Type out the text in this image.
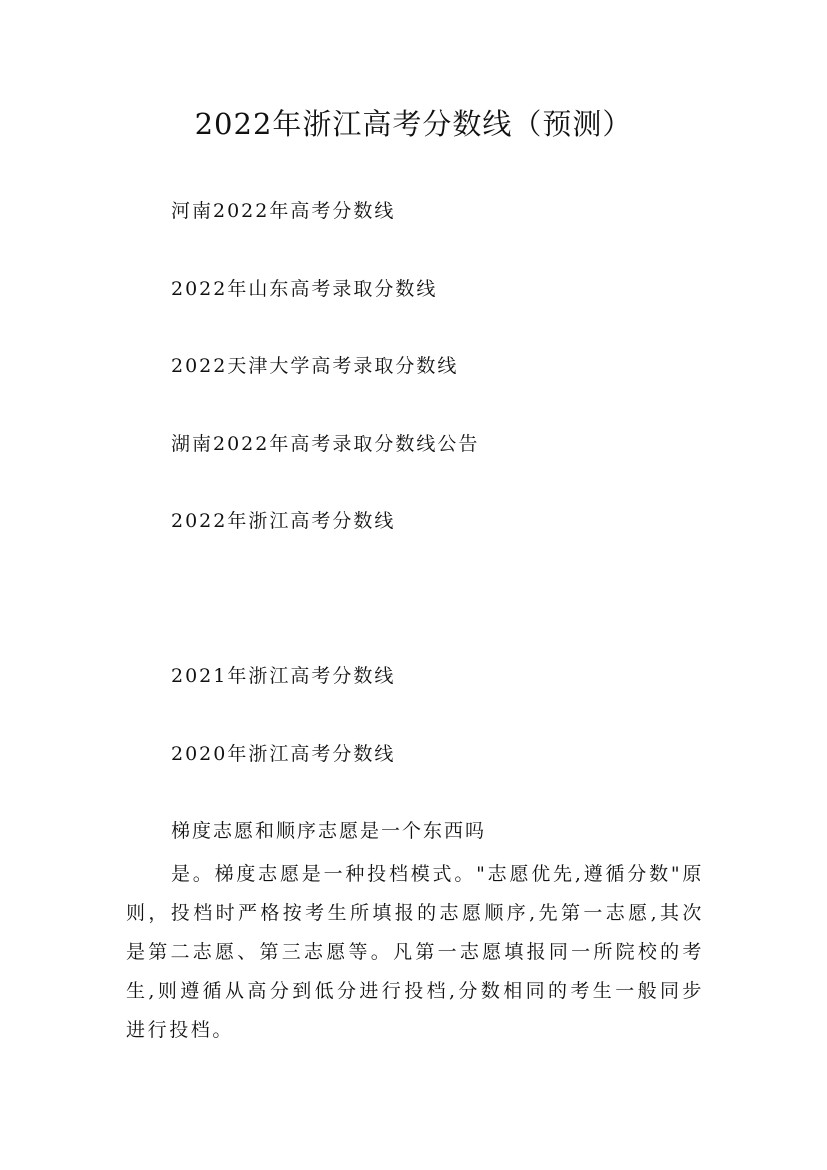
2022年浙江高考分数线（预测）
河南2022年高考分数线
2022年山东高考录取分数线
2022天津大学高考录取分数线
湖南2022年高考录取分数线公告
2022年浙江高考分数线
2021年浙江高考分数线
2020年浙江高考分数线
梯度志愿和顺序志愿是一个东西吗
是。梯度志愿是一种投档模式。"志愿优先,遵循分数"原则，投档时严格按考生所填报的志愿顺序,先第一志愿,其次是第二志愿、第三志愿等。凡第一志愿填报同一所院校的考生,则遵循从高分到低分进行投档,分数相同的考生一般同步进行投档。
